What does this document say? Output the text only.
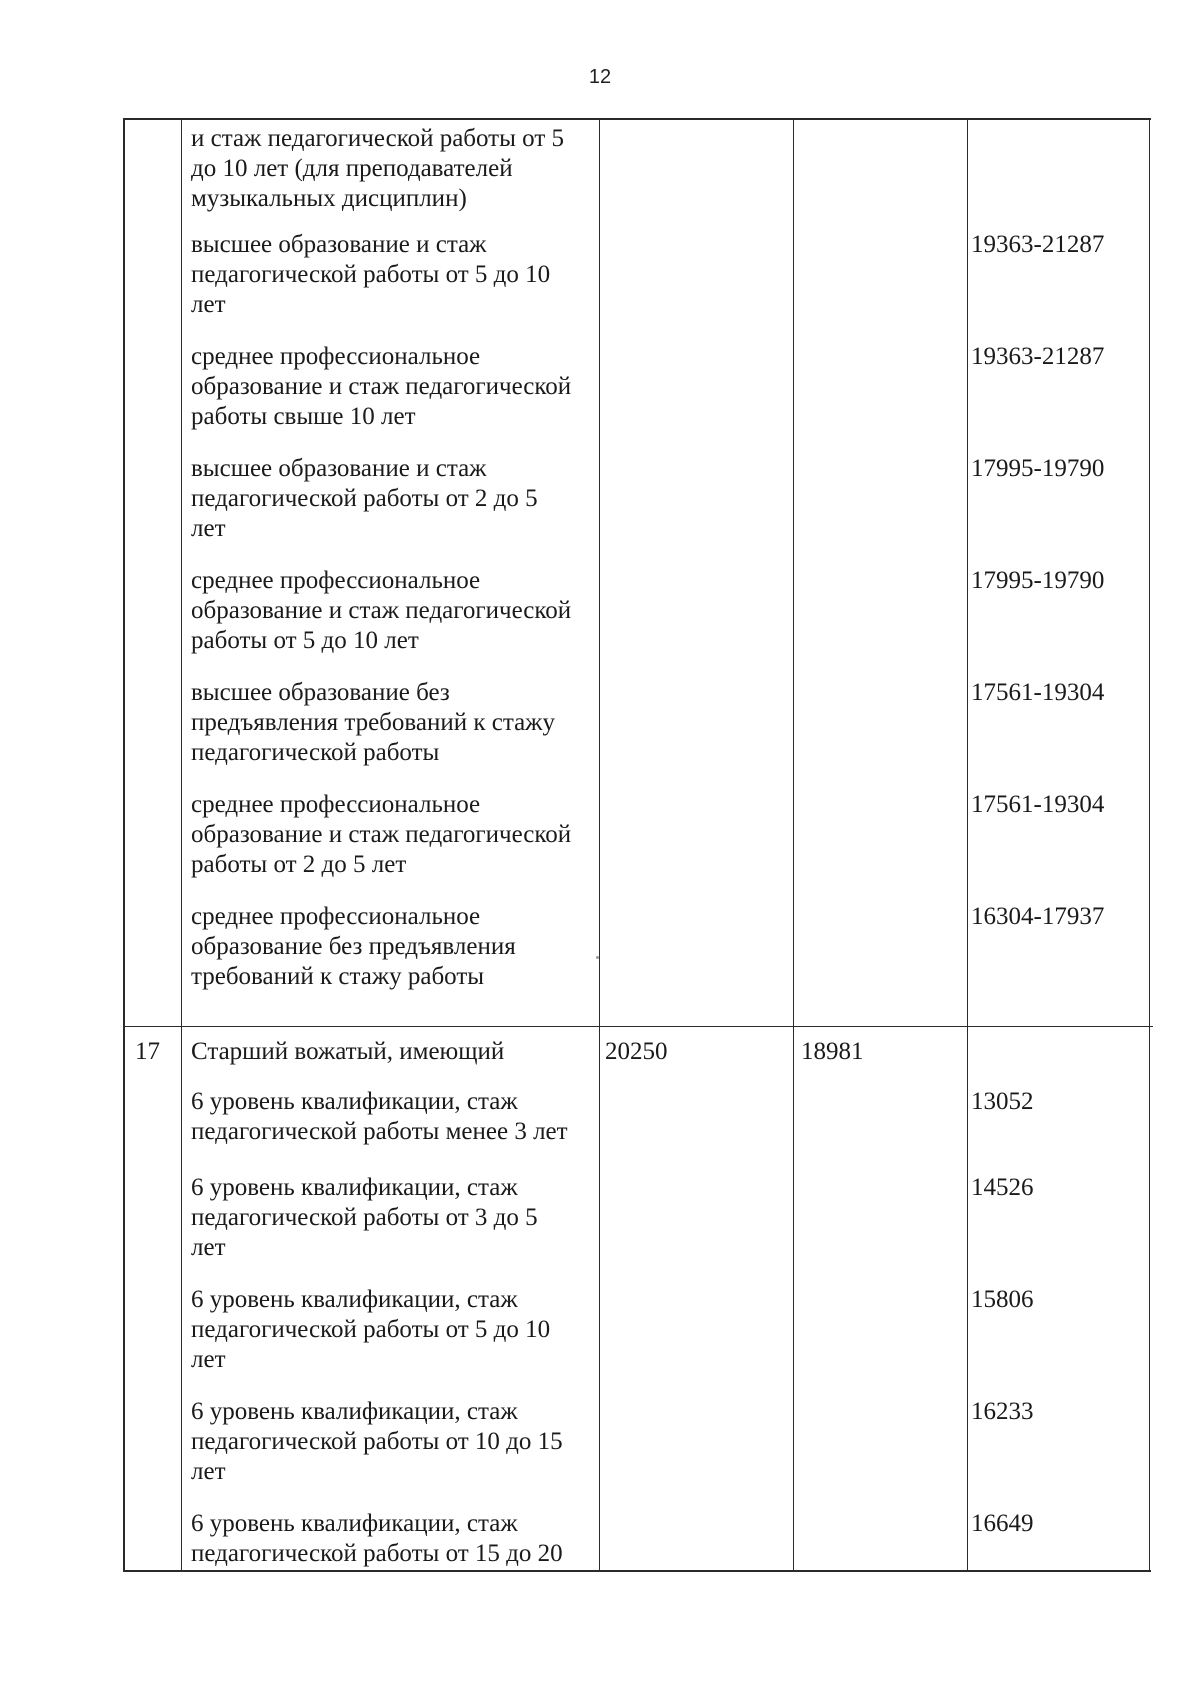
12
и стаж педагогической работы от 5
до 10 лет (для преподавателей
музыкальных дисциплин)
высшее образование и стаж
педагогической работы от 5 до 10
лет
19363-21287
среднее профессиональное
образование и стаж педагогической
работы свыше 10 лет
19363-21287
высшее образование и стаж
педагогической работы от 2 до 5
лет
17995-19790
среднее профессиональное
образование и стаж педагогической
работы от 5 до 10 лет
17995-19790
высшее образование без
предъявления требований к стажу
педагогической работы
17561-19304
среднее профессиональное
образование и стаж педагогической
работы от 2 до 5 лет
17561-19304
среднее профессиональное
образование без предъявления
требований к стажу работы
16304-17937
17 Старший вожатый, имеющий	20250	18981
6 уровень квалификации, стаж
педагогической работы менее 3 лет
13052
6 уровень квалификации, стаж
педагогической работы от 3 до 5
лет
14526
6 уровень квалификации, стаж
педагогической работы от 5 до 10
лет
15806
6 уровень квалификации, стаж
педагогической работы от 10 до 15
лет
16233
6 уровень квалификации, стаж
педагогической работы от 15 до 20
16649
